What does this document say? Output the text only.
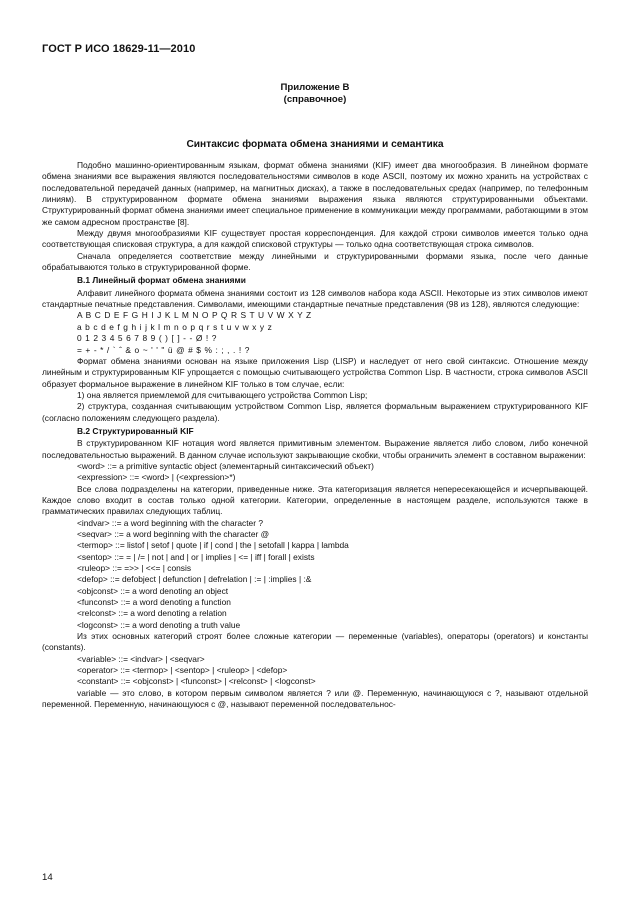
ГОСТ Р ИСО 18629-11—2010
Приложение В
(справочное)
Синтаксис формата обмена знаниями и семантика

Подобно машинно-ориентированным языкам, формат обмена знаниями (KIF) имеет два многообразия. В линейном формате обмена знаниями все выражения являются последовательностями символов в коде ASCII, поэтому их можно хранить на устройствах с последовательной передачей данных (например, на магнитных дисках), а также в последовательных средах (например, по телефонным линиям). В структурированном формате обмена знаниями выражения языка являются структурированными объектами. Структурированный формат обмена знаниями имеет специальное применение в коммуникации между программами, работающими в этом же самом адресном пространстве [8].

Между двумя многообразиями KIF существует простая корреспонденция. Для каждой строки символов имеется только одна соответствующая списковая структура, а для каждой списковой структуры — только одна соответствующая строка символов.

Сначала определяется соответствие между линейными и структурированными формами языка, после чего данные обрабатываются только в структурированной форме.

В.1 Линейный формат обмена знаниями

Алфавит линейного формата обмена знаниями состоит из 128 символов набора кода ASCII. Некоторые из этих символов имеют стандартные печатные представления. Символами, имеющими стандартные печатные представления (98 из 128), являются следующие:

A B C D E F G H I J K L M N O P Q R S T U V W X Y Z

a b c d e f g h i j k l m n o p q r s t u v w x y z

0 1 2 3 4 5 6 7 8 9 ( ) [ ] - - Ø ! ?

= + - * / ` ˆ & o ~ ' ' " ü @ # $ % : ; , . ! ?

Формат обмена знаниями основан на языке приложения Lisp (LISP) и наследует от него свой синтаксис. Отношение между линейным и структурированным KIF упрощается с помощью считывающего устройства Common Lisp. В частности, строка символов ASCII образует формальное выражение в линейном KIF только в том случае, если:

1) она является приемлемой для считывающего устройства Common Lisp;

2) структура, созданная считывающим устройством Common Lisp, является формальным выражением структурированного KIF (согласно положениям следующего раздела).

В.2 Структурированный KIF

В структурированном KIF нотация word является примитивным элементом. Выражение является либо словом, либо конечной последовательностью выражений. В данном случае используют закрывающие скобки, чтобы ограничить элемент в составном выражении:

<word> ::= a primitive syntactic object (элементарный синтаксический объект)

<expression> ::= <word> | (<expression>*)

Все слова подразделены на категории, приведенные ниже. Эта категоризация является непересекающейся и исчерпывающей. Каждое слово входит в состав только одной категории. Категории, определенные в настоящем разделе, используются также в грамматических правилах следующих таблиц.

<indvar> ::= a word beginning with the character ?

<seqvar> ::= a word beginning with the character @

<termop> ::= listof | setof | quote | if | cond | the | setofall | kappa | lambda

<sentop> ::= = | /= | not | and | or | implies | <= | iff | forall | exists

<ruleop> ::= =>> | <<= | consis

<defop> ::= defobject | defunction | defrelation | := | :implies | :&

<objconst> ::= a word denoting an object

<funconst> ::= a word denoting a function

<relconst> ::= a word denoting a relation

<logconst> ::= a word denoting a truth value

Из этих основных категорий строят более сложные категории — переменные (variables), операторы (operators) и константы (constants).

<variable> ::= <indvar> | <seqvar>

<operator> ::= <termop> | <sentop> | <ruleop> | <defop>

<constant> ::= <objconst> | <funconst> | <relconst> | <logconst>

variable — это слово, в котором первым символом является ? или @. Переменную, начинающуюся с ?, называют отдельной переменной. Переменную, начинающуюся с @, называют переменной последовательнос-

14
